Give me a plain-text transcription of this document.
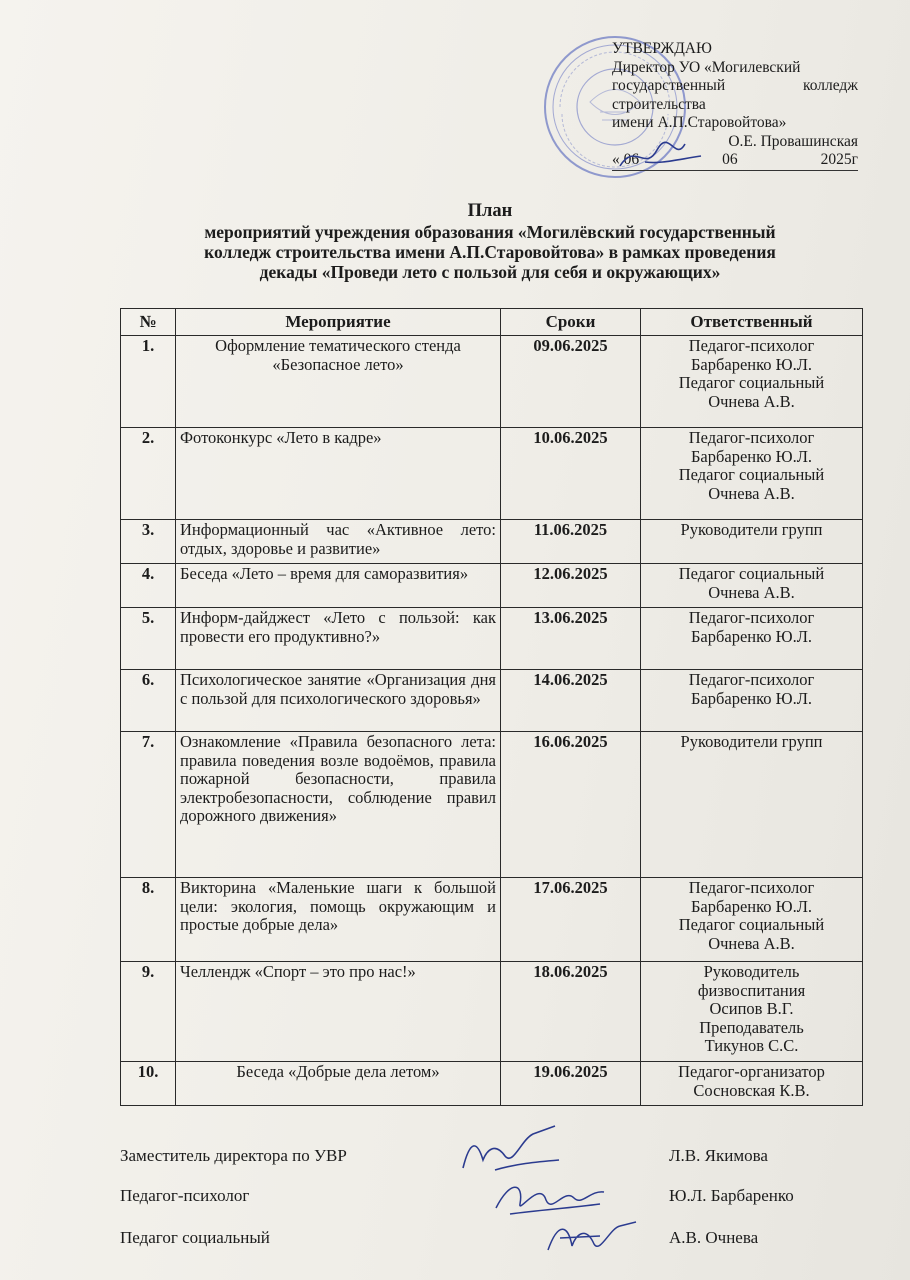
УТВЕРЖДАЮ
Директор УО «Могилевский
государственный колледж
строительства
имени А.П.Старовойтова»
О.Е. Провашинская
« 06	06	2025г
План
мероприятий учреждения образования «Могилёвский государственный
колледж строительства имени А.П.Старовойтова» в рамках проведения
декады «Проведи лето с пользой для себя и окружающих»
№	Мероприятие	Сроки	Ответственный
1.	Оформление тематического стенда «Безопасное лето»	09.06.2025	Педагог-психолог
Барбаренко Ю.Л.
Педагог социальный
Очнева А.В.

2.	Фотоконкурс «Лето в кадре»	10.06.2025	Педагог-психолог
Барбаренко Ю.Л.
Педагог социальный
Очнева А.В.

3.	Информационный час «Активное лето: отдых, здоровье и развитие»	11.06.2025	Руководители групп

4.	Беседа «Лето – время для саморазвития»	12.06.2025	Педагог социальный
Очнева А.В.

5.	Информ-дайджест «Лето с пользой: как провести его продуктивно?»	13.06.2025	Педагог-психолог
Барбаренко Ю.Л.

6.	Психологическое занятие «Организация дня с пользой для психологического здоровья»	14.06.2025	Педагог-психолог
Барбаренко Ю.Л.

7.	Ознакомление «Правила безопасного лета: правила поведения возле водоёмов, правила пожарной безопасности, правила электробезопасности, соблюдение правил дорожного движения»	16.06.2025	Руководители групп

8.	Викторина «Маленькие шаги к большой цели: экология, помощь окружающим и простые добрые дела»	17.06.2025	Педагог-психолог
Барбаренко Ю.Л.
Педагог социальный
Очнева А.В.

9.	Челлендж «Спорт – это про нас!»	18.06.2025	Руководитель
физвоспитания
Осипов В.Г.
Преподаватель
Тикунов С.С.

10.	Беседа «Добрые дела летом»	19.06.2025	Педагог-организатор
Сосновская К.В.
Заместитель директора по УВР	Л.В. Якимова
Педагог-психолог	Ю.Л. Барбаренко
Педагог социальный	А.В. Очнева
